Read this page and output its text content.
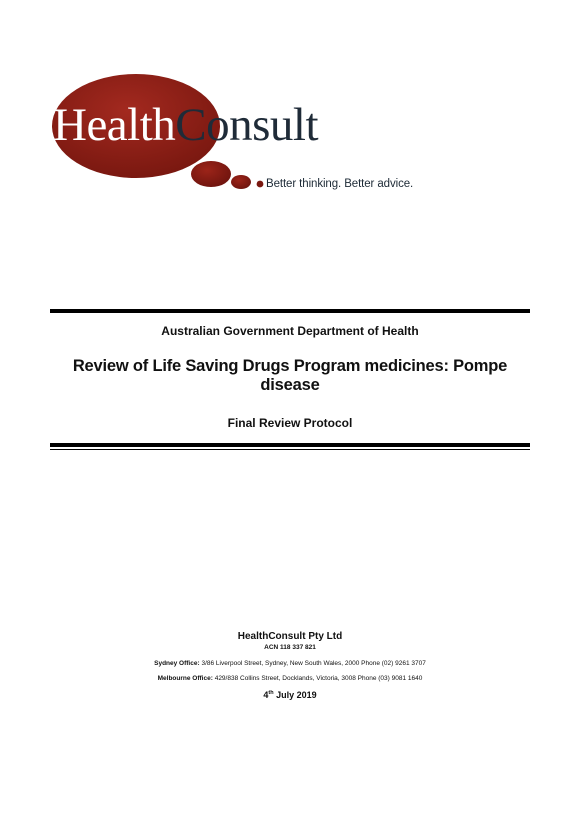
HealthConsult
Better thinking. Better advice.
Australian Government Department of Health
Review of Life Saving Drugs Program medicines: Pompe disease
Final Review Protocol
HealthConsult Pty Ltd
ACN 118 337 821
Sydney Office: 3/86 Liverpool Street, Sydney, New South Wales, 2000 Phone (02) 9261 3707
Melbourne Office: 429/838 Collins Street, Docklands, Victoria, 3008 Phone (03) 9081 1640
4th July 2019
